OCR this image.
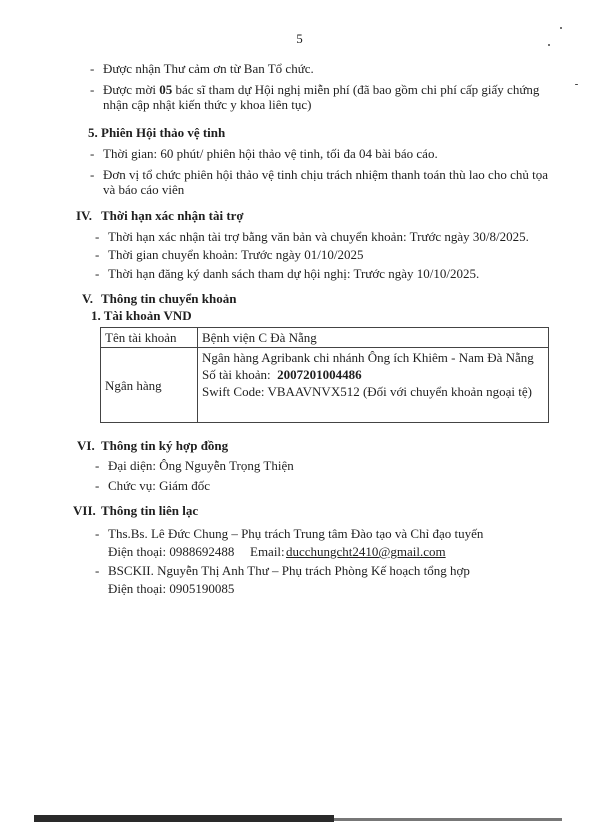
5
- Được nhận Thư cảm ơn từ Ban Tổ chức.
- Được mời 05 bác sĩ tham dự Hội nghị miễn phí (đã bao gồm chi phí cấp giấy chứng
nhận cập nhật kiến thức y khoa liên tục)
5. Phiên Hội thảo vệ tinh
- Thời gian: 60 phút/ phiên hội thảo vệ tinh, tối đa 04 bài báo cáo.
- Đơn vị tổ chức phiên hội thảo vệ tinh chịu trách nhiệm thanh toán thù lao cho chủ tọa
và báo cáo viên
IV. Thời hạn xác nhận tài trợ
- Thời hạn xác nhận tài trợ bằng văn bản và chuyển khoản: Trước ngày 30/8/2025.
- Thời gian chuyển khoản: Trước ngày 01/10/2025
- Thời hạn đăng ký danh sách tham dự hội nghị: Trước ngày 10/10/2025.
V. Thông tin chuyển khoản
1. Tài khoản VND
Tên tài khoản	Bệnh viện C Đà Nẵng
Ngân hàng	Ngân hàng Agribank chi nhánh Ông ích Khiêm - Nam Đà Nẵng
Số tài khoản: 2007201004486
Swift Code: VBAAVNVX512 (Đối với chuyển khoản ngoại tệ)
VI. Thông tin ký hợp đồng
- Đại diện: Ông Nguyễn Trọng Thiện
- Chức vụ: Giám đốc
VII. Thông tin liên lạc
- Ths.Bs. Lê Đức Chung – Phụ trách Trung tâm Đào tạo và Chỉ đạo tuyến
Điện thoại: 0988692488 Email: ducchungcht2410@gmail.com
- BSCKII. Nguyễn Thị Anh Thư – Phụ trách Phòng Kế hoạch tổng hợp
Điện thoại: 0905190085
